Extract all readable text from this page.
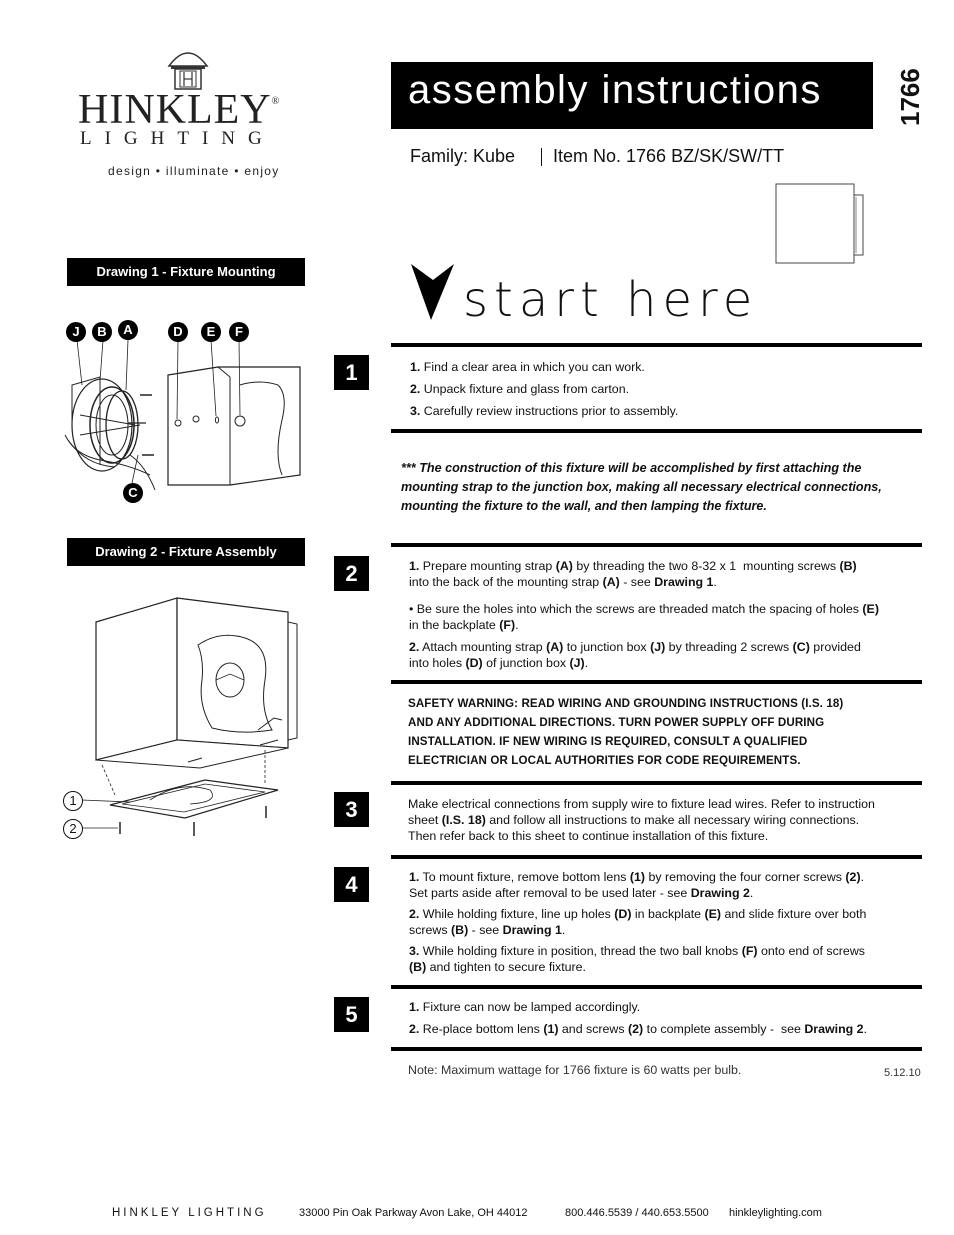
HINKLEY®
LIGHTING
design • illuminate • enjoy
assembly instructions	1766
Family: Kube Item No. 1766 BZ/SK/SW/TT
Drawing 1 - Fixture Mounting
J	B	A	D	E	F
C
Drawing 2 - Fixture Assembly
1
2
start here
1	1. Find a clear area in which you can work.
2. Unpack fixture and glass from carton.
3. Carefully review instructions prior to assembly.
*** The construction of this fixture will be accomplished by first attaching the
mounting strap to the junction box, making all necessary electrical connections,
mounting the fixture to the wall, and then lamping the fixture.
2	1. Prepare mounting strap (A) by threading the two 8-32 x 1  mounting screws (B)
into the back of the mounting strap (A) - see Drawing 1.
• Be sure the holes into which the screws are threaded match the spacing of holes (E)
in the backplate (F).
2. Attach mounting strap (A) to junction box (J) by threading 2 screws (C) provided
into holes (D) of junction box (J).
SAFETY WARNING: READ WIRING AND GROUNDING INSTRUCTIONS (I.S. 18)
AND ANY ADDITIONAL DIRECTIONS. TURN POWER SUPPLY OFF DURING
INSTALLATION. IF NEW WIRING IS REQUIRED, CONSULT A QUALIFIED
ELECTRICIAN OR LOCAL AUTHORITIES FOR CODE REQUIREMENTS.
3	Make electrical connections from supply wire to fixture lead wires. Refer to instruction
sheet (I.S. 18) and follow all instructions to make all necessary wiring connections.
Then refer back to this sheet to continue installation of this fixture.
4	1. To mount fixture, remove bottom lens (1) by removing the four corner screws (2).
Set parts aside after removal to be used later - see Drawing 2.
2. While holding fixture, line up holes (D) in backplate (E) and slide fixture over both
screws (B) - see Drawing 1.
3. While holding fixture in position, thread the two ball knobs (F) onto end of screws
(B) and tighten to secure fixture.
5	1. Fixture can now be lamped accordingly.
2. Re-place bottom lens (1) and screws (2) to complete assembly -  see Drawing 2.
Note: Maximum wattage for 1766 fixture is 60 watts per bulb.	5.12.10
HINKLEY LIGHTING	33000 Pin Oak Parkway Avon Lake, OH 44012	800.446.5539 / 440.653.5500 hinkleylighting.com
